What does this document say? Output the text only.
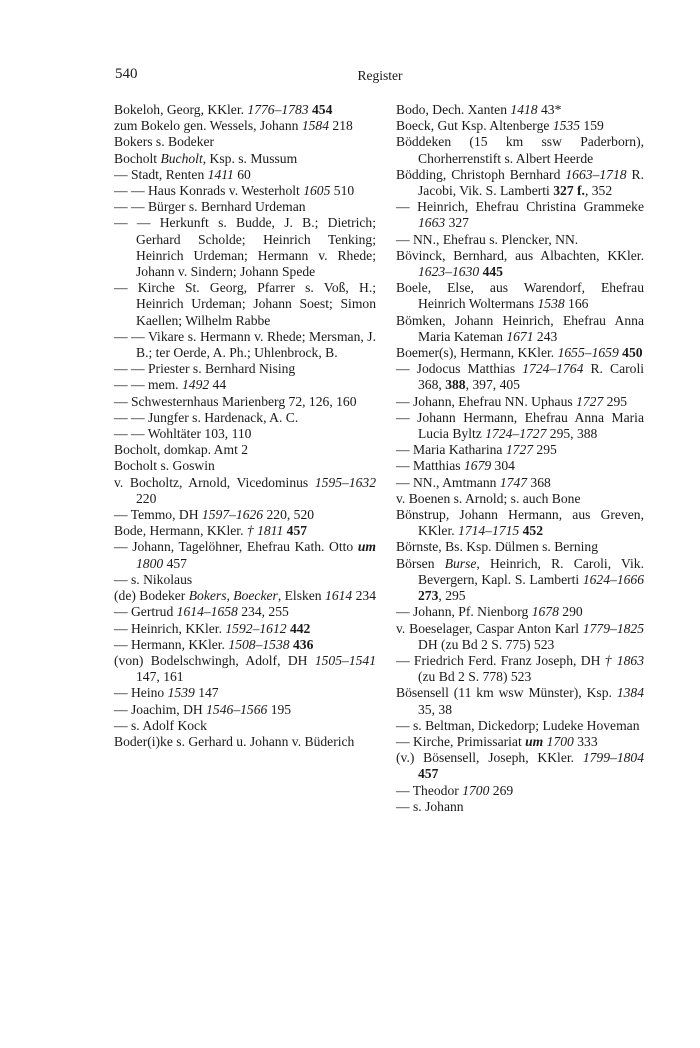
540	Register
Bokeloh, Georg, KKler. 1776–1783 454
zum Bokelo gen. Wessels, Johann 1584 218
Bokers s. Bodeker
Bocholt Bucholt, Ksp. s. Mussum
— Stadt, Renten 1411 60
— — Haus Konrads v. Westerholt 1605 510
— — Bürger s. Bernhard Urdeman
— — Herkunft s. Budde, J. B.; Dietrich; Gerhard Scholde; Heinrich Tenking; Heinrich Urdeman; Hermann v. Rhede; Johann v. Sindern; Johann Spede
— Kirche St. Georg, Pfarrer s. Voß, H.; Heinrich Urdeman; Johann Soest; Simon Kaellen; Wilhelm Rabbe
— — Vikare s. Hermann v. Rhede; Mersman, J. B.; ter Oerde, A. Ph.; Uhlenbrock, B.
— — Priester s. Bernhard Nising
— — mem. 1492 44
— Schwesternhaus Marienberg 72, 126, 160
— — Jungfer s. Hardenack, A. C.
— — Wohltäter 103, 110
Bocholt, domkap. Amt 2
Bocholt s. Goswin
v. Bocholtz, Arnold, Vicedominus 1595–1632 220
— Temmo, DH 1597–1626 220, 520
Bode, Hermann, KKler. † 1811 457
— Johann, Tagelöhner, Ehefrau Kath. Otto um 1800 457
— s. Nikolaus
(de) Bodeker Bokers, Boecker, Elsken 1614 234
— Gertrud 1614–1658 234, 255
— Heinrich, KKler. 1592–1612 442
— Hermann, KKler. 1508–1538 436
(von) Bodelschwingh, Adolf, DH 1505–1541 147, 161
— Heino 1539 147
— Joachim, DH 1546–1566 195
— s. Adolf Kock
Boder(i)ke s. Gerhard u. Johann v. Büderich
Bodo, Dech. Xanten 1418 43*
Boeck, Gut Ksp. Altenberge 1535 159
Böddeken (15 km ssw Paderborn), Chorherrenstift s. Albert Heerde
Bödding, Christoph Bernhard 1663–1718 R. Jacobi, Vik. S. Lamberti 327 f., 352
— Heinrich, Ehefrau Christina Grammeke 1663 327
— NN., Ehefrau s. Plencker, NN.
Bövinck, Bernhard, aus Albachten, KKler. 1623–1630 445
Boele, Else, aus Warendorf, Ehefrau Heinrich Woltermans 1538 166
Bömken, Johann Heinrich, Ehefrau Anna Maria Kateman 1671 243
Boemer(s), Hermann, KKler. 1655–1659 450
— Jodocus Matthias 1724–1764 R. Caroli 368, 388, 397, 405
— Johann, Ehefrau NN. Uphaus 1727 295
— Johann Hermann, Ehefrau Anna Maria Lucia Byltz 1724–1727 295, 388
— Maria Katharina 1727 295
— Matthias 1679 304
— NN., Amtmann 1747 368
v. Boenen s. Arnold; s. auch Bone
Bönstrup, Johann Hermann, aus Greven, KKler. 1714–1715 452
Börnste, Bs. Ksp. Dülmen s. Berning
Börsen Burse, Heinrich, R. Caroli, Vik. Bevergern, Kapl. S. Lamberti 1624–1666 273, 295
— Johann, Pf. Nienborg 1678 290
v. Boeselager, Caspar Anton Karl 1779–1825 DH (zu Bd 2 S. 775) 523
— Friedrich Ferd. Franz Joseph, DH † 1863 (zu Bd 2 S. 778) 523
Bösensell (11 km wsw Münster), Ksp. 1384 35, 38
— s. Beltman, Dickedorp; Ludeke Hoveman
— Kirche, Primissariat um 1700 333
(v.) Bösensell, Joseph, KKler. 1799–1804 457
— Theodor 1700 269
— s. Johann
